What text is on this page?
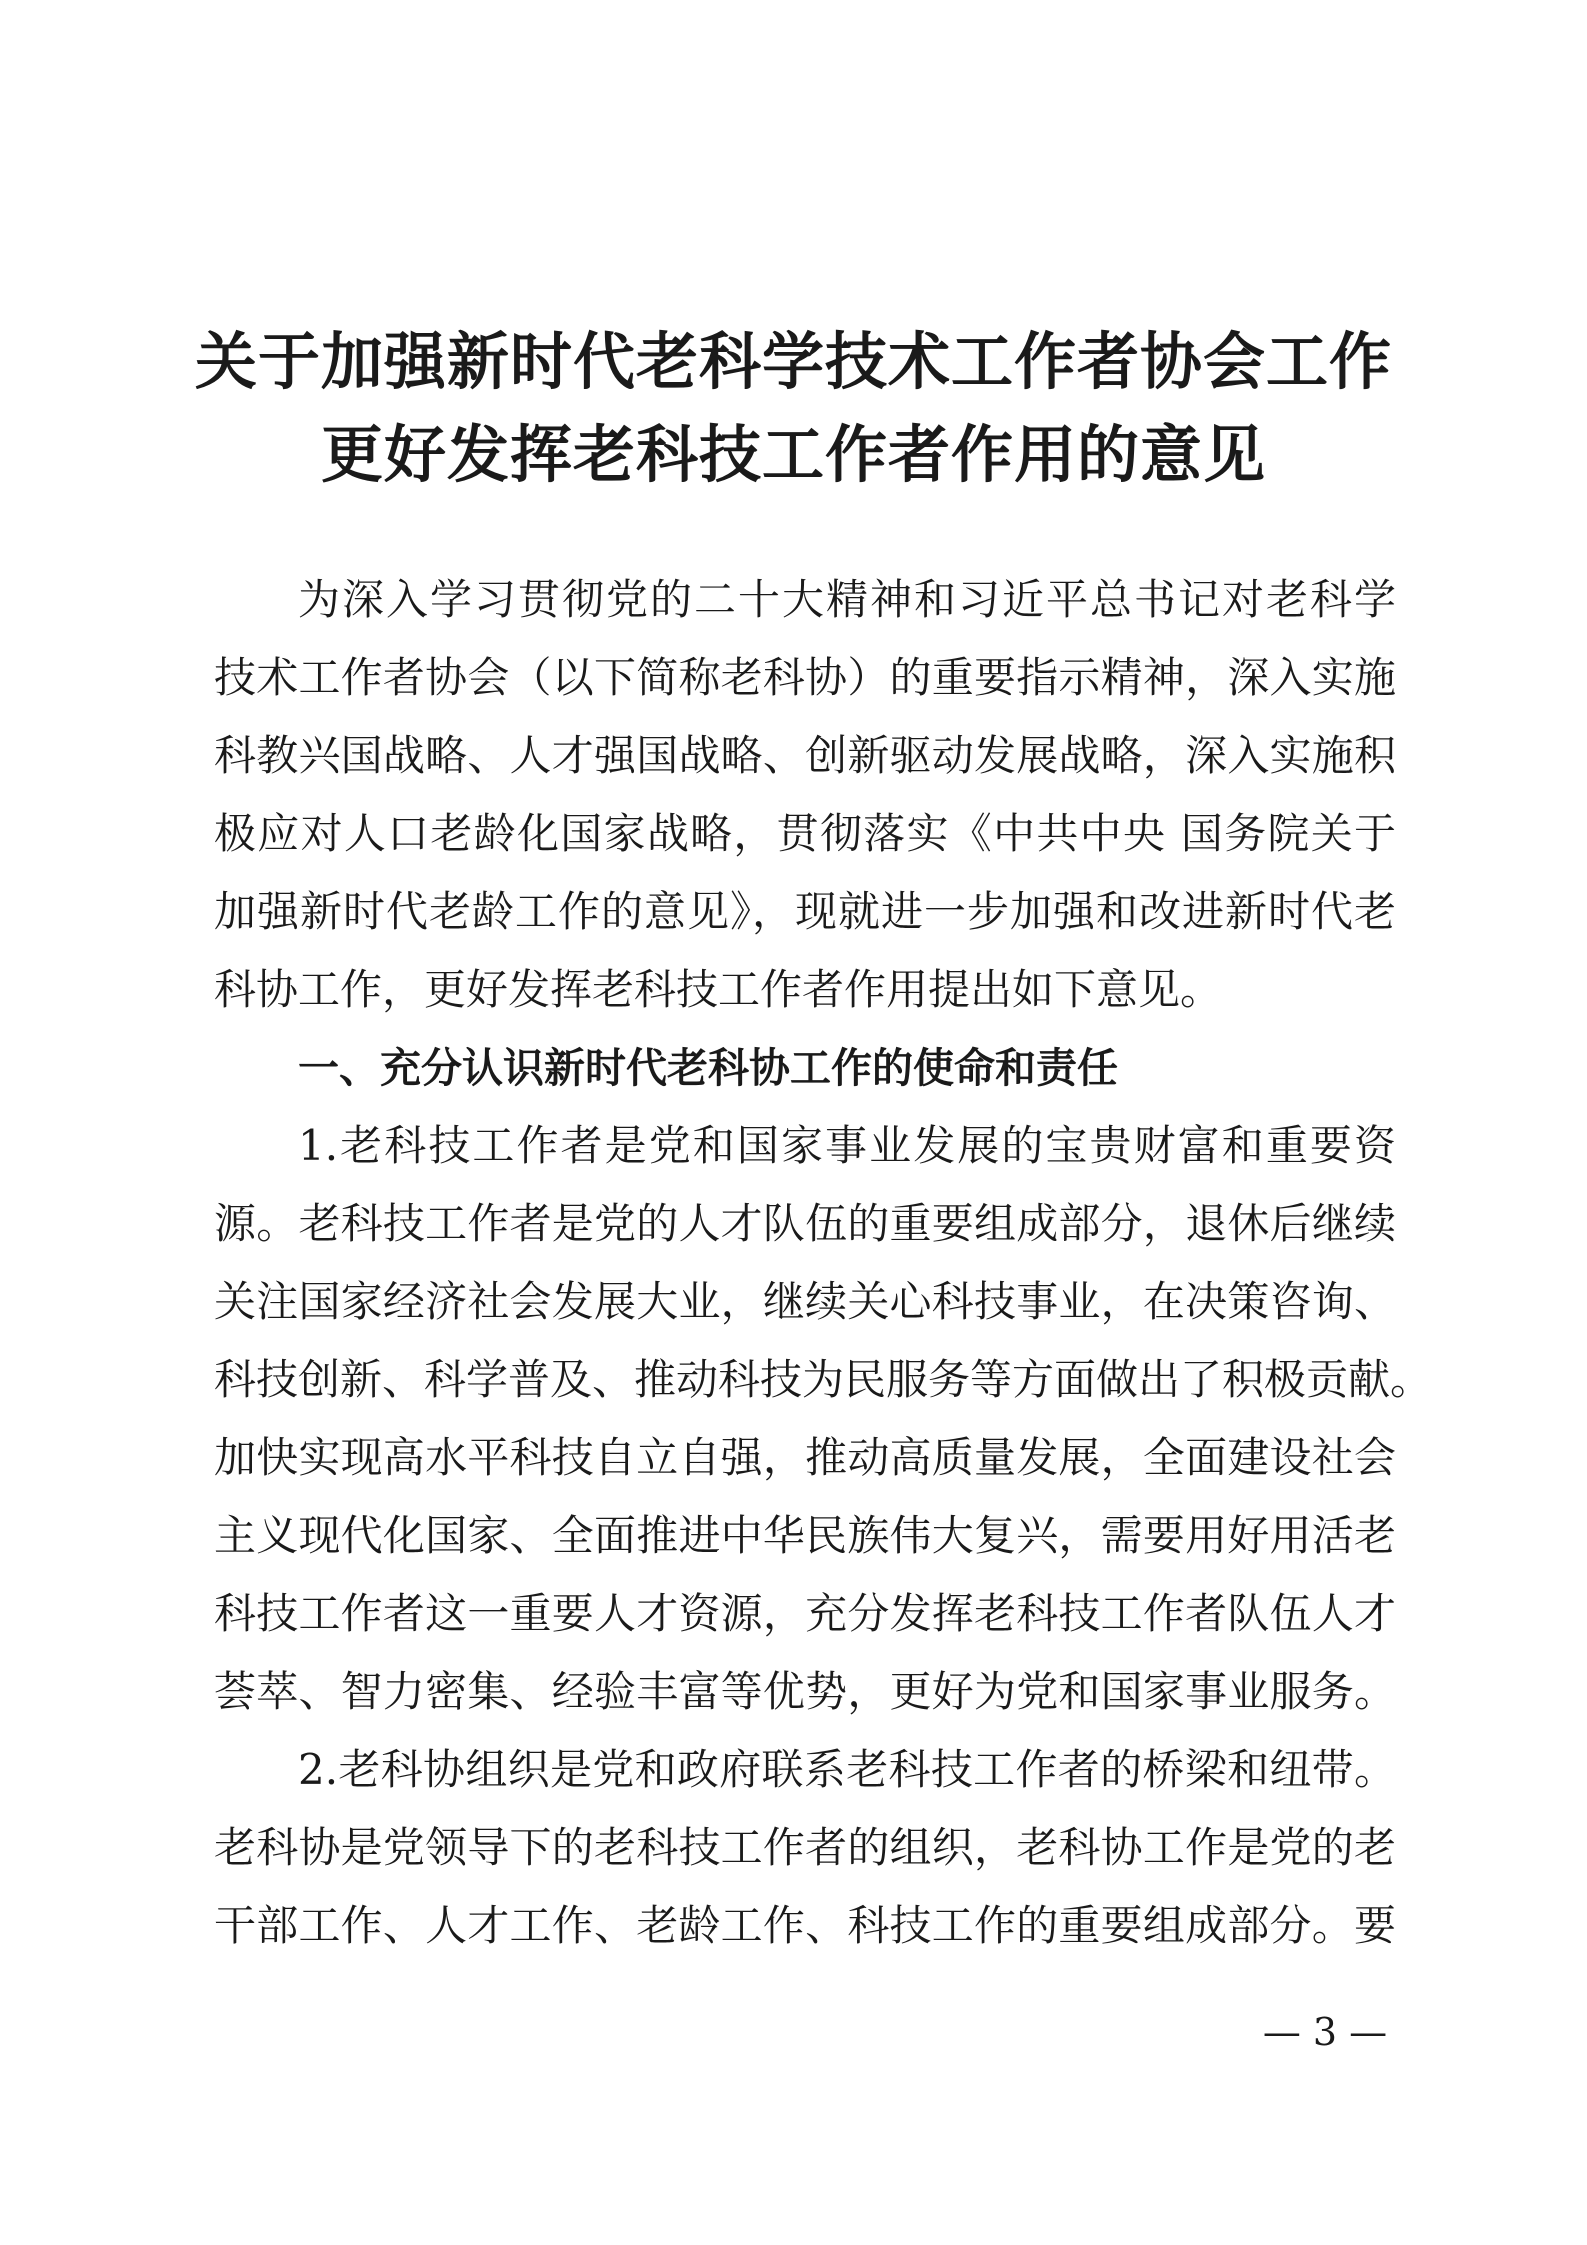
关于加强新时代老科学技术工作者协会工作
更好发挥老科技工作者作用的意见
为深入学习贯彻党的二十大精神和习近平总书记对老科学
技术工作者协会（以下简称老科协）的重要指示精神，深入实施
科教兴国战略、人才强国战略、创新驱动发展战略，深入实施积
极应对人口老龄化国家战略，贯彻落实《中共中央 国务院关于
加强新时代老龄工作的意见》，现就进一步加强和改进新时代老
科协工作，更好发挥老科技工作者作用提出如下意见。
一、充分认识新时代老科协工作的使命和责任
1.老科技工作者是党和国家事业发展的宝贵财富和重要资
源。老科技工作者是党的人才队伍的重要组成部分，退休后继续
关注国家经济社会发展大业，继续关心科技事业，在决策咨询、
科技创新、科学普及、推动科技为民服务等方面做出了积极贡献。
加快实现高水平科技自立自强，推动高质量发展，全面建设社会
主义现代化国家、全面推进中华民族伟大复兴，需要用好用活老
科技工作者这一重要人才资源，充分发挥老科技工作者队伍人才
荟萃、智力密集、经验丰富等优势，更好为党和国家事业服务。
2.老科协组织是党和政府联系老科技工作者的桥梁和纽带。
老科协是党领导下的老科技工作者的组织，老科协工作是党的老
干部工作、人才工作、老龄工作、科技工作的重要组成部分。要
— 3 —
